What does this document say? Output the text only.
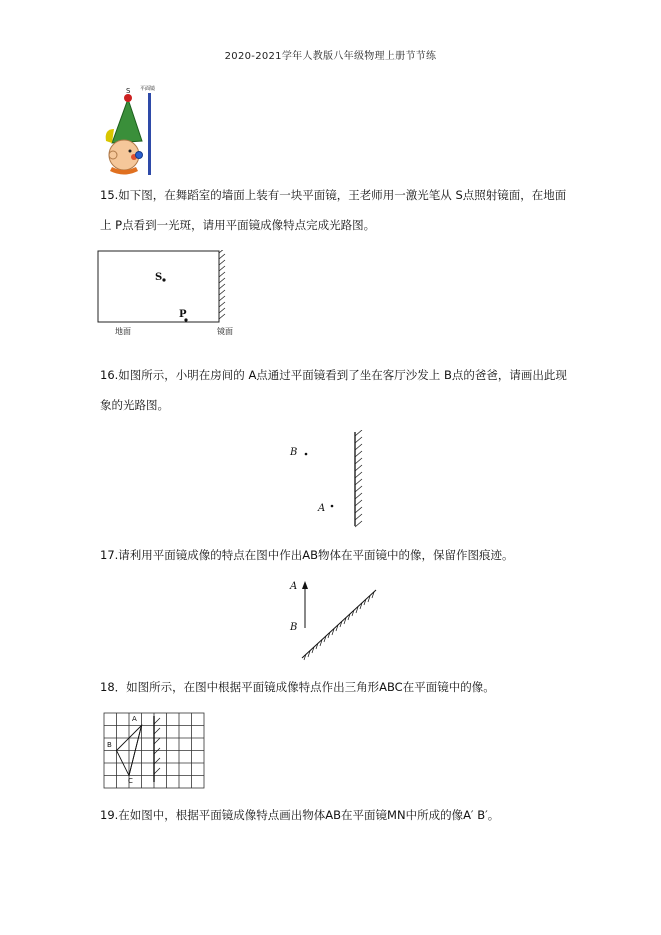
2020-2021学年人教版八年级物理上册节节练
S 平面镜
15.如下图，在舞蹈室的墙面上装有一块平面镜，王老师用一激光笔从 S点照射镜面，在地面上 P点看到一光斑，请用平面镜成像特点完成光路图。
S
P
地面	镜面
16.如图所示，小明在房间的 A点通过平面镜看到了坐在客厅沙发上 B点的爸爸，请画出此现象的光路图。
B
A
17.请利用平面镜成像的特点在图中作出AB物体在平面镜中的像，保留作图痕迹。
A
B
18．如图所示，在图中根据平面镜成像特点作出三角形ABC在平面镜中的像。
A
B
C
19.在如图中，根据平面镜成像特点画出物体AB在平面镜MN中所成的像A′ B′。
